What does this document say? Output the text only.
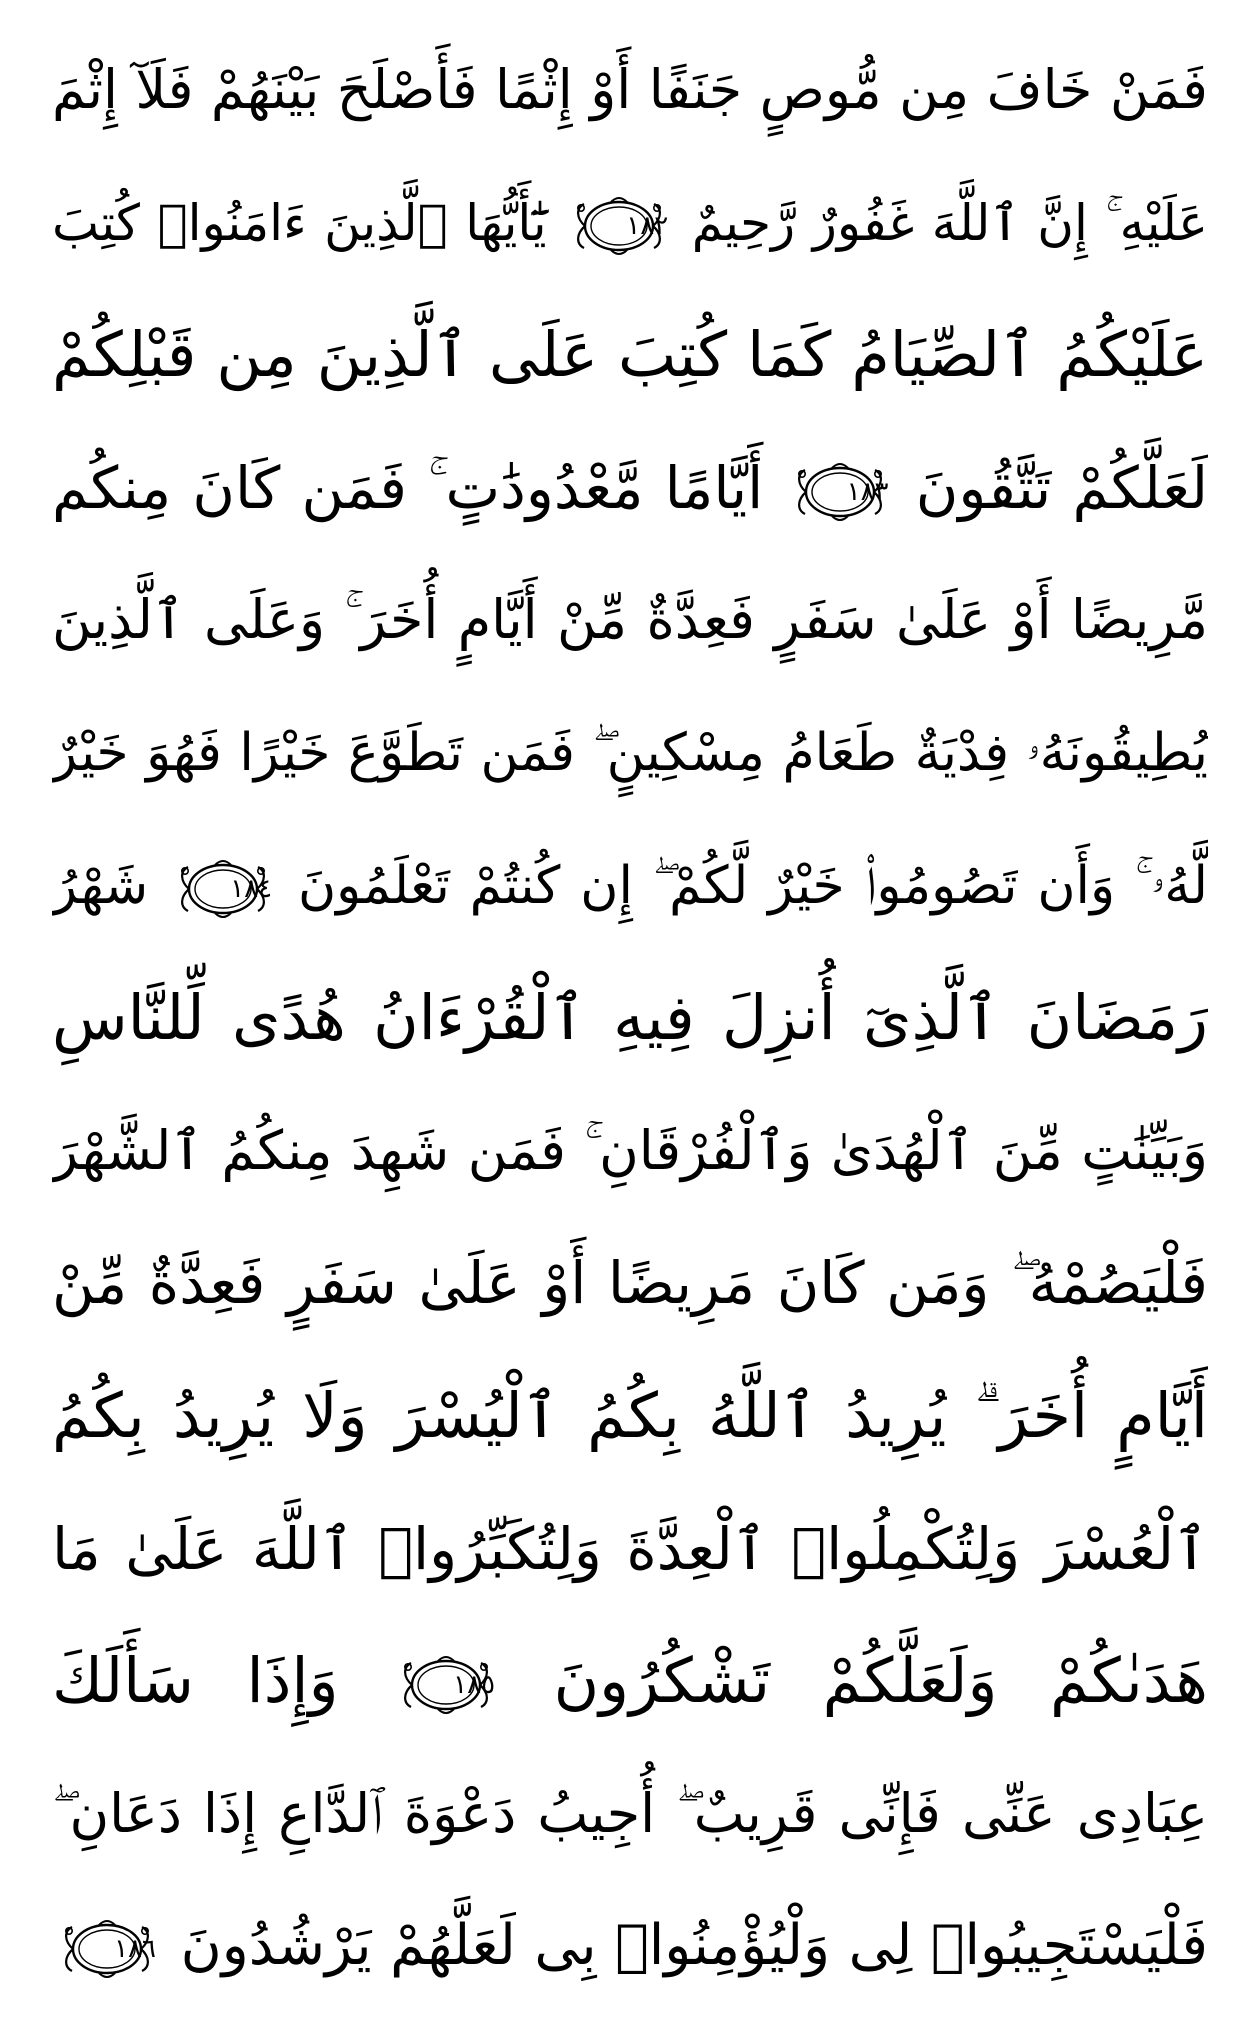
فَمَنْ خَافَ مِن مُّوصٍ جَنَفًا أَوْ إِثْمًا فَأَصْلَحَ بَيْنَهُمْ فَلَآ إِثْمَ
عَلَيْهِ ۚ إِنَّ ٱللَّهَ غَفُورٌ رَّحِيمٌ
١٨٢
يَٰٓأَيُّهَا ٱلَّذِينَ ءَامَنُوا۟ كُتِبَ
عَلَيْكُمُ ٱلصِّيَامُ كَمَا كُتِبَ عَلَى ٱلَّذِينَ مِن قَبْلِكُمْ
لَعَلَّكُمْ تَتَّقُونَ
١٨٣
أَيَّامًا مَّعْدُودَٰتٍ ۚ فَمَن كَانَ مِنكُم
مَّرِيضًا أَوْ عَلَىٰ سَفَرٍ فَعِدَّةٌ مِّنْ أَيَّامٍ أُخَرَ ۚ وَعَلَى ٱلَّذِينَ
يُطِيقُونَهُۥ فِدْيَةٌ طَعَامُ مِسْكِينٍ ۖ فَمَن تَطَوَّعَ خَيْرًا فَهُوَ خَيْرٌ
لَّهُۥ ۚ وَأَن تَصُومُوا۟ خَيْرٌ لَّكُمْ ۖ إِن كُنتُمْ تَعْلَمُونَ
١٨٤
شَهْرُ
رَمَضَانَ ٱلَّذِىٓ أُنزِلَ فِيهِ ٱلْقُرْءَانُ هُدًى لِّلنَّاسِ
وَبَيِّنَٰتٍ مِّنَ ٱلْهُدَىٰ وَٱلْفُرْقَانِ ۚ فَمَن شَهِدَ مِنكُمُ ٱلشَّهْرَ
فَلْيَصُمْهُ ۖ وَمَن كَانَ مَرِيضًا أَوْ عَلَىٰ سَفَرٍ فَعِدَّةٌ مِّنْ
أَيَّامٍ أُخَرَ ۗ يُرِيدُ ٱللَّهُ بِكُمُ ٱلْيُسْرَ وَلَا يُرِيدُ بِكُمُ
ٱلْعُسْرَ وَلِتُكْمِلُوا۟ ٱلْعِدَّةَ وَلِتُكَبِّرُوا۟ ٱللَّهَ عَلَىٰ مَا
هَدَىٰكُمْ وَلَعَلَّكُمْ تَشْكُرُونَ
١٨٥
وَإِذَا سَأَلَكَ
عِبَادِى عَنِّى فَإِنِّى قَرِيبٌ ۖ أُجِيبُ دَعْوَةَ ٱلدَّاعِ إِذَا دَعَانِ ۖ
فَلْيَسْتَجِيبُوا۟ لِى وَلْيُؤْمِنُوا۟ بِى لَعَلَّهُمْ يَرْشُدُونَ
١٨٦
